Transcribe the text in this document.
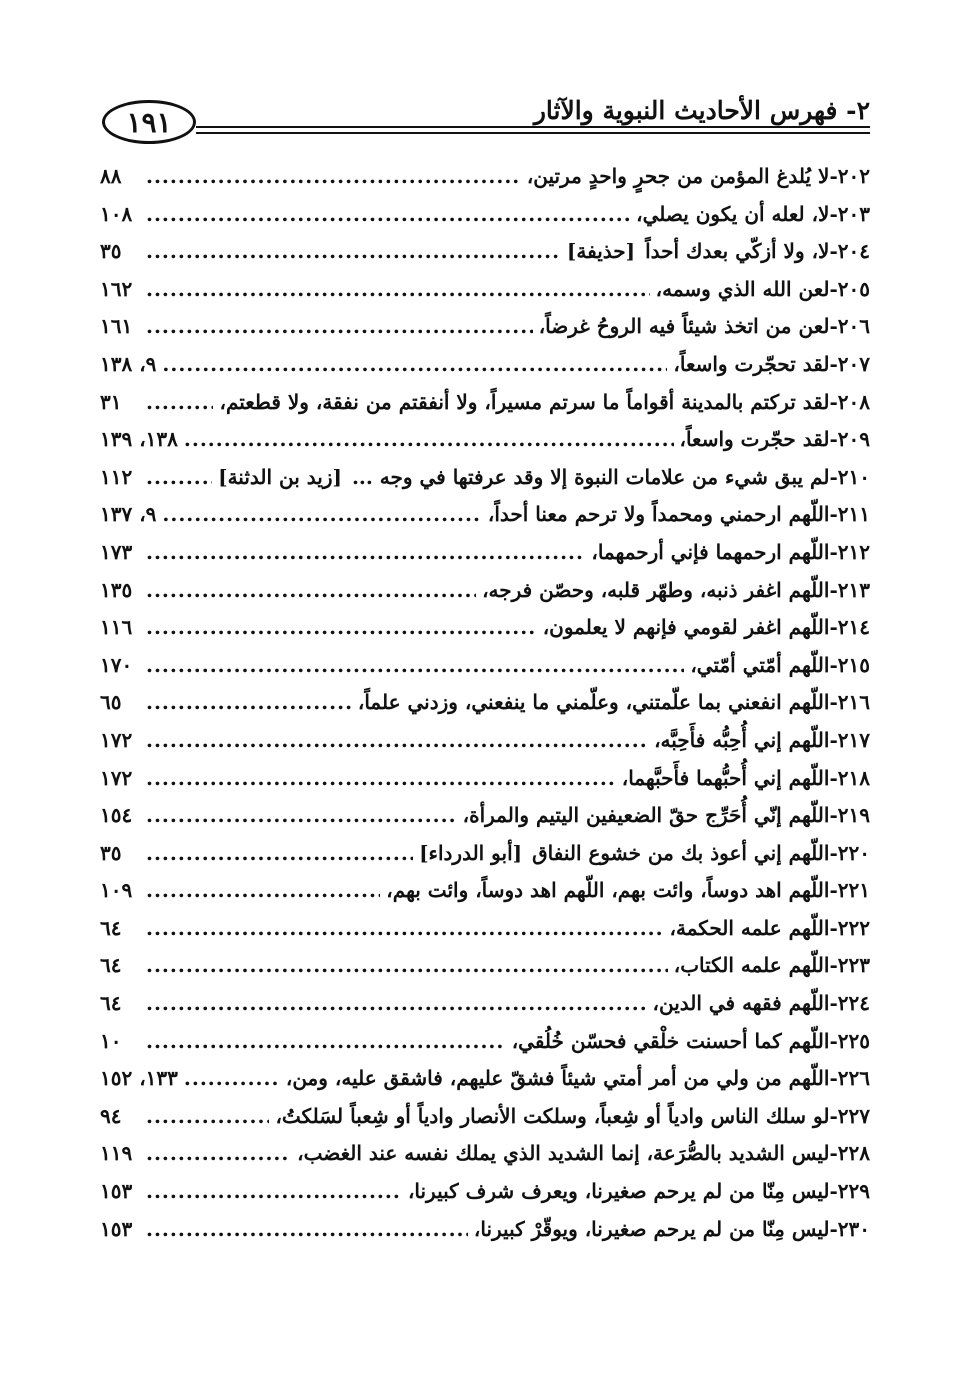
١٩١	٢- فهرس الأحاديث النبوية والآثار
٢٠٢-
لا يُلدغ المؤمن من جحرٍ واحدٍ مرتين،
.....
٨٨
٢٠٣-
لا، لعله أن يكون يصلي،
.....
١٠٨
٢٠٤-
لا، ولا أزكّي بعدك أحداً
[حذيفة]
.....
٣٥
٢٠٥-
لعن الله الذي وسمه،
.....
١٦٢
٢٠٦-
لعن من اتخذ شيئاً فيه الروحُ غرضاً،
.....
١٦١
٢٠٧-
لقد تحجّرت واسعاً،
.....
٩، ١٣٨
٢٠٨-
لقد تركتم بالمدينة أقواماً ما سرتم مسيراً، ولا أنفقتم من نفقة، ولا قطعتم،
.....
٣١
٢٠٩-
لقد حجّرت واسعاً،
.....
١٣٨، ١٣٩
٢١٠-
لم يبق شيء من علامات النبوة إلا وقد عرفتها في وجه ...
[زيد بن الدثنة]
.....
١١٢
٢١١-
اللّهم ارحمني ومحمداً ولا ترحم معنا أحداً،
.....
٩، ١٣٧
٢١٢-
اللّهم ارحمهما فإني أرحمهما،
.....
١٧٣
٢١٣-
اللّهم اغفر ذنبه، وطهّر قلبه، وحصّن فرجه،
.....
١٣٥
٢١٤-
اللّهم اغفر لقومي فإنهم لا يعلمون،
.....
١١٦
٢١٥-
اللّهم أمّتي أمّتي،
.....
١٧٠
٢١٦-
اللّهم انفعني بما علّمتني، وعلّمني ما ينفعني، وزدني علماً،
.....
٦٥
٢١٧-
اللّهم إني أُحِبُّه فأَحِبَّه،
.....
١٧٢
٢١٨-
اللّهم إني أُحبُّهما فأَحبَّهما،
.....
١٧٢
٢١٩-
اللّهم إنّي أُحَرِّج حقّ الضعيفين اليتيم والمرأة،
.....
١٥٤
٢٢٠-
اللّهم إني أعوذ بك من خشوع النفاق
[أبو الدرداء]
.....
٣٥
٢٢١-
اللّهم اهد دوساً، وائت بهم، اللّهم اهد دوساً، وائت بهم،
.....
١٠٩
٢٢٢-
اللّهم علمه الحكمة،
.....
٦٤
٢٢٣-
اللّهم علمه الكتاب،
.....
٦٤
٢٢٤-
اللّهم فقهه في الدين،
.....
٦٤
٢٢٥-
اللّهم كما أحسنت خلْقي فحسّن خُلُقي،
.....
١٠
٢٢٦-
اللّهم من ولي من أمر أمتي شيئاً فشقّ عليهم، فاشقق عليه، ومن،
.....
١٣٣، ١٥٢
٢٢٧-
لو سلك الناس وادياً أو شِعباً، وسلكت الأنصار وادياً أو شِعباً لسَلكتُ،
.....
٩٤
٢٢٨-
ليس الشديد بالصُّرَعة، إنما الشديد الذي يملك نفسه عند الغضب،
.....
١١٩
٢٢٩-
ليس مِنّا من لم يرحم صغيرنا، ويعرف شرف كبيرنا،
.....
١٥٣
٢٣٠-
ليس مِنّا من لم يرحم صغيرنا، ويوقّرْ كبيرنا،
.....
١٥٣
